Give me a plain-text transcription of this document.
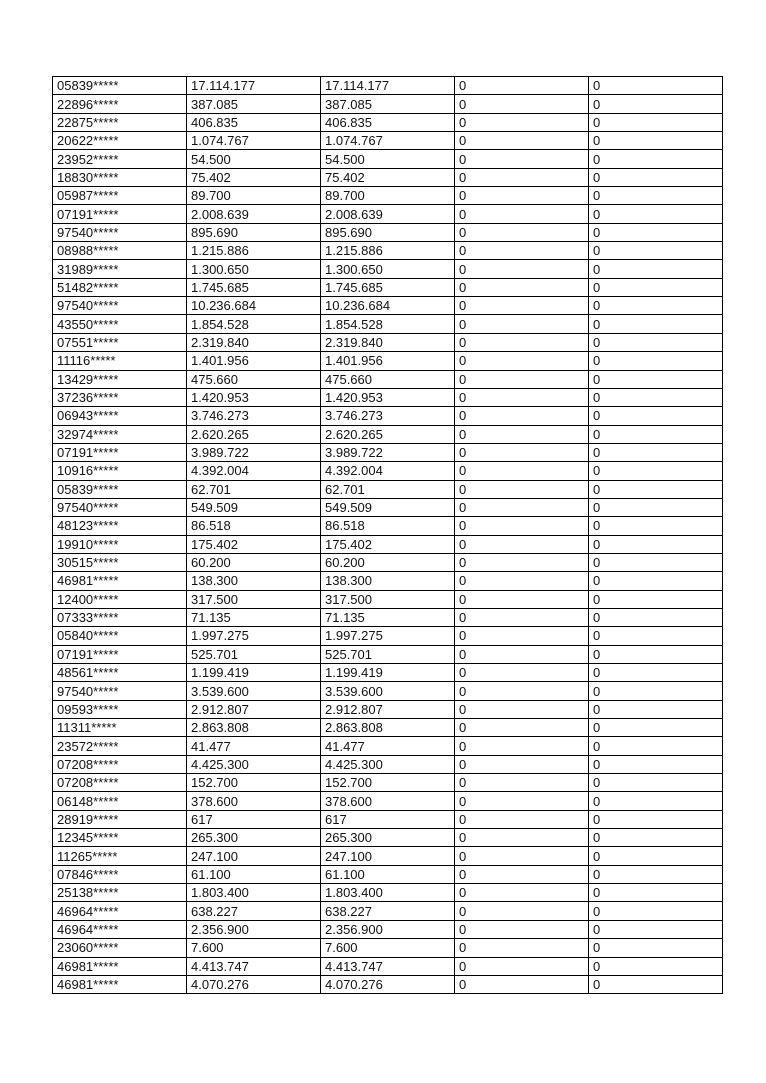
05839*****	17.114.177	17.114.177	0	0
22896*****	387.085	387.085	0	0
22875*****	406.835	406.835	0	0
20622*****	1.074.767	1.074.767	0	0
23952*****	54.500	54.500	0	0
18830*****	75.402	75.402	0	0
05987*****	89.700	89.700	0	0
07191*****	2.008.639	2.008.639	0	0
97540*****	895.690	895.690	0	0
08988*****	1.215.886	1.215.886	0	0
31989*****	1.300.650	1.300.650	0	0
51482*****	1.745.685	1.745.685	0	0
97540*****	10.236.684	10.236.684	0	0
43550*****	1.854.528	1.854.528	0	0
07551*****	2.319.840	2.319.840	0	0
11116*****	1.401.956	1.401.956	0	0
13429*****	475.660	475.660	0	0
37236*****	1.420.953	1.420.953	0	0
06943*****	3.746.273	3.746.273	0	0
32974*****	2.620.265	2.620.265	0	0
07191*****	3.989.722	3.989.722	0	0
10916*****	4.392.004	4.392.004	0	0
05839*****	62.701	62.701	0	0
97540*****	549.509	549.509	0	0
48123*****	86.518	86.518	0	0
19910*****	175.402	175.402	0	0
30515*****	60.200	60.200	0	0
46981*****	138.300	138.300	0	0
12400*****	317.500	317.500	0	0
07333*****	71.135	71.135	0	0
05840*****	1.997.275	1.997.275	0	0
07191*****	525.701	525.701	0	0
48561*****	1.199.419	1.199.419	0	0
97540*****	3.539.600	3.539.600	0	0
09593*****	2.912.807	2.912.807	0	0
11311*****	2.863.808	2.863.808	0	0
23572*****	41.477	41.477	0	0
07208*****	4.425.300	4.425.300	0	0
07208*****	152.700	152.700	0	0
06148*****	378.600	378.600	0	0
28919*****	617	617	0	0
12345*****	265.300	265.300	0	0
11265*****	247.100	247.100	0	0
07846*****	61.100	61.100	0	0
25138*****	1.803.400	1.803.400	0	0
46964*****	638.227	638.227	0	0
46964*****	2.356.900	2.356.900	0	0
23060*****	7.600	7.600	0	0
46981*****	4.413.747	4.413.747	0	0
46981*****	4.070.276	4.070.276	0	0
